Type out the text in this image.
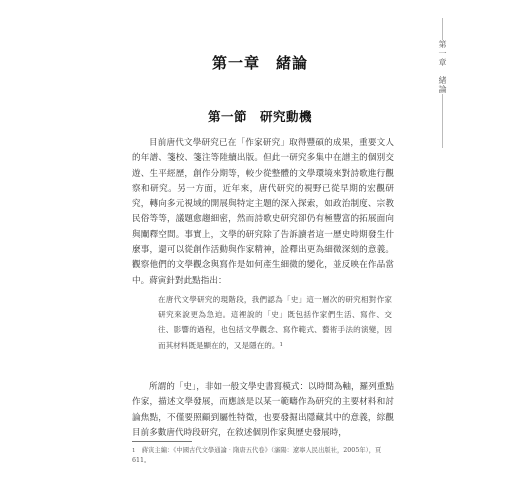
第一章　緒論
第一章　緒論
第一節　研究動機

目前唐代文學研究已在「作家研究」取得豐碩的成果，重要文人的年譜、箋校、箋注等陸續出版。但此一研究多集中在譜主的個別交遊、生平經歷，創作分期等，較少從整體的文學環境來對詩歌進行觀察和研究。另一方面，近年來，唐代研究的視野已從早期的宏觀研究，轉向多元視域的開展與特定主題的深入探索，如政治制度、宗教民俗等等，議題愈趨細密，然而詩歌史研究卻仍有極豐富的拓展面向與闡釋空間。事實上，文學的研究除了告訴讀者這一歷史時期發生什麼事，還可以從創作活動與作家精神，詮釋出更為細微深刻的意義。觀察他們的文學觀念與寫作是如何產生細微的變化，並反映在作品當中。蔣寅針對此點指出：

在唐代文學研究的現階段，我們認為「史」這一層次的研究相對作家研究來說更為急迫。這裡說的「史」既包括作家們生活、寫作、交往、影響的過程，也包括文學觀念、寫作範式、藝術手法的演變，因而其材料既是顯在的，又是隱在的。$^1$

所謂的「史」，非如一般文學史書寫模式：以時間為軸，羅列重點作家，描述文學發展，而應該是以某一範疇作為研究的主要材料和討論焦點，不僅要照顧到屬性特徵，也要發掘出隱藏其中的意義，綜觀目前多數唐代時段研究，在敘述個別作家與歷史發展時，

$^1$　蔣寅主編：《中國古代文學通論‧隋唐五代卷》（瀋陽：遼寧人民出版社，2005年），頁611。
